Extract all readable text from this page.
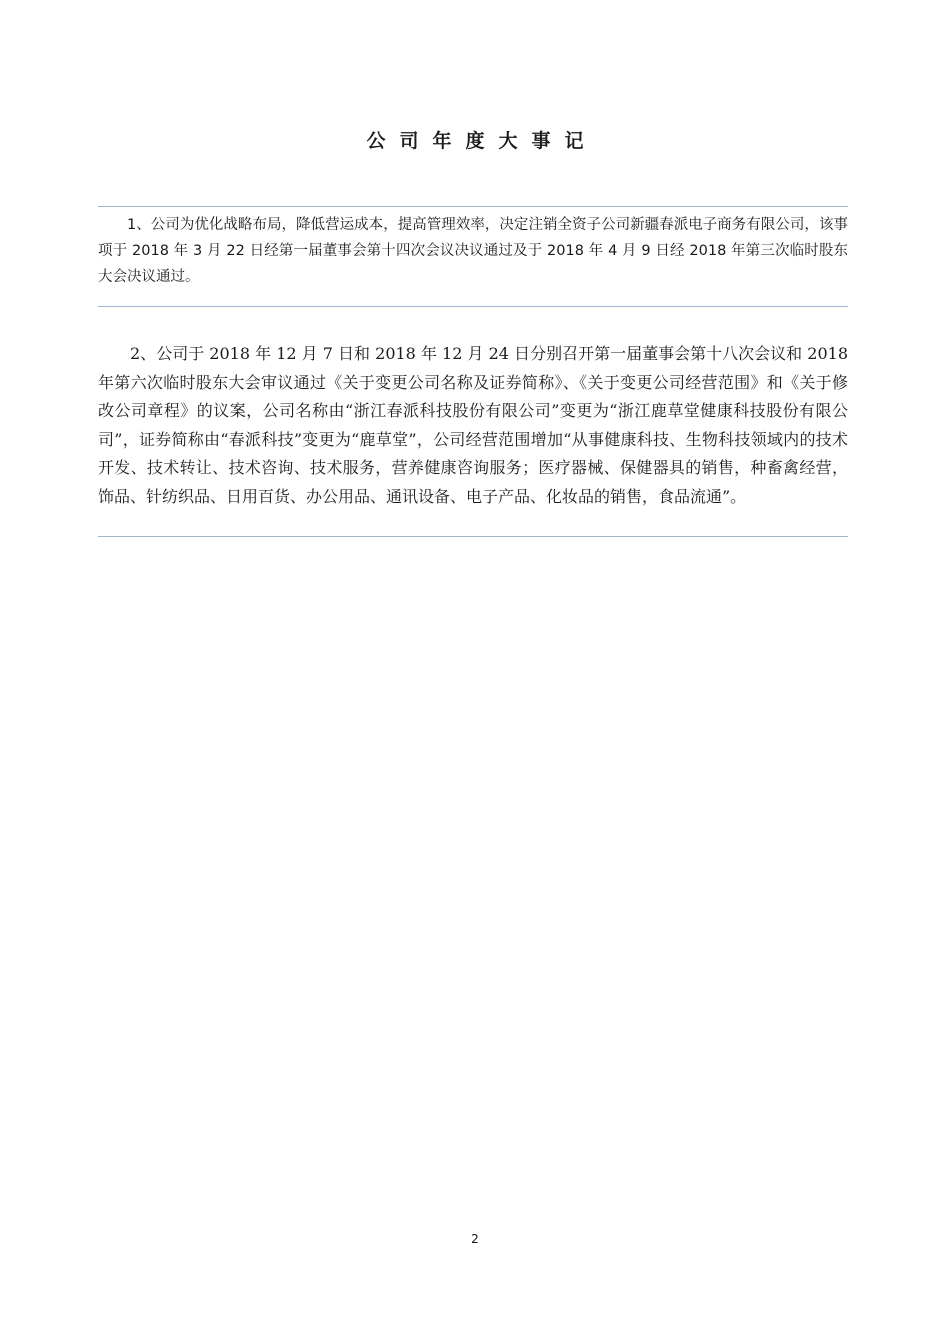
公司年度大事记

1、公司为优化战略布局，降低营运成本，提高管理效率，决定注销全资子公司新疆春派电子商务有限公司，该事项于 2018 年 3 月 22 日经第一届董事会第十四次会议决议通过及于 2018 年 4 月 9 日经 2018 年第三次临时股东大会决议通过。

2、公司于 2018 年 12 月 7 日和 2018 年 12 月 24 日分别召开第一届董事会第十八次会议和 2018 年第六次临时股东大会审议通过《关于变更公司名称及证券简称》、《关于变更公司经营范围》和《关于修改公司章程》的议案，公司名称由“浙江春派科技股份有限公司”变更为“浙江鹿草堂健康科技股份有限公司”，证券简称由“春派科技”变更为“鹿草堂”，公司经营范围增加“从事健康科技、生物科技领域内的技术开发、技术转让、技术咨询、技术服务，营养健康咨询服务；医疗器械、保健器具的销售，种畜禽经营，饰品、针纺织品、日用百货、办公用品、通讯设备、电子产品、化妆品的销售，食品流通”。

2
